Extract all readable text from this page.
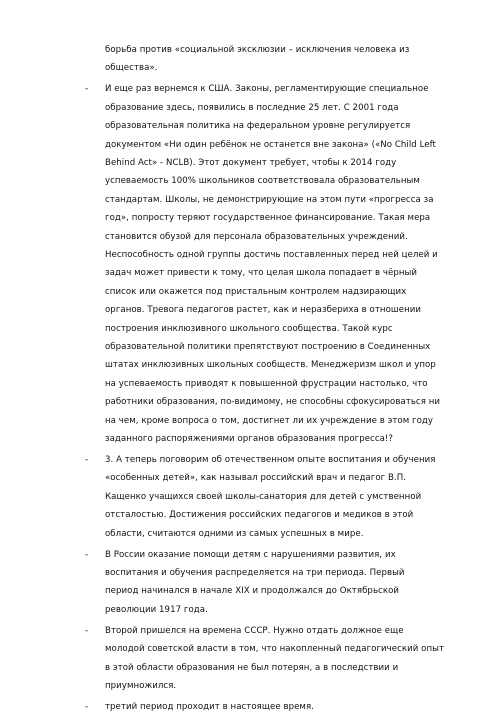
борьба против «социальной эксклюзии – исключения человека из
общества».
-	И еще раз вернемся к США. Законы, регламентирующие специальное
образование здесь, появились в последние 25 лет. С 2001 года
образовательная политика на федеральном уровне регулируется
документом «Ни один ребёнок не останется вне закона» («No Child Left
Behind Act» - NCLB). Этот документ требует, чтобы к 2014 году
успеваемость 100% школьников соответствовала образовательным
стандартам. Школы, не демонстрирующие на этом пути «прогресса за
год», попросту теряют государственное финансирование. Такая мера
становится обузой для персонала образовательных учреждений.
Неспособность одной группы достичь поставленных перед ней целей и
задач может привести к тому, что целая школа попадает в чёрный
список или окажется под пристальным контролем надзирающих
органов. Тревога педагогов растет, как и неразбериха в отношении
построения инклюзивного школьного сообщества. Такой курс
образовательной политики препятствуют построению в Соединенных
штатах инклюзивных школьных сообществ. Менеджеризм школ и упор
на успеваемость приводят к повышенной фрустрации настолько, что
работники образования, по-видимому, не способны сфокусироваться ни
на чем, кроме вопроса о том, достигнет ли их учреждение в этом году
заданного распоряжениями органов образования прогресса!?
-	3. А теперь поговорим об отечественном опыте воспитания и обучения
«особенных детей», как называл российский врач и педагог В.П.
Кащенко учащихся своей школы-санатория для детей с умственной
отсталостью. Достижения российских педагогов и медиков в этой
области, считаются одними из самых успешных в мире.
-	В России оказание помощи детям с нарушениями развития, их
воспитания и обучения распределяется на три периода. Первый
период начинался в начале XIX и продолжался до Октябрьской
революции 1917 года.
-	Второй пришелся на времена СССР. Нужно отдать должное еще
молодой советской власти в том, что накопленный педагогический опыт
в этой области образования не был потерян, а в последствии и
приумножился.
-	третий период проходит в настоящее время.
